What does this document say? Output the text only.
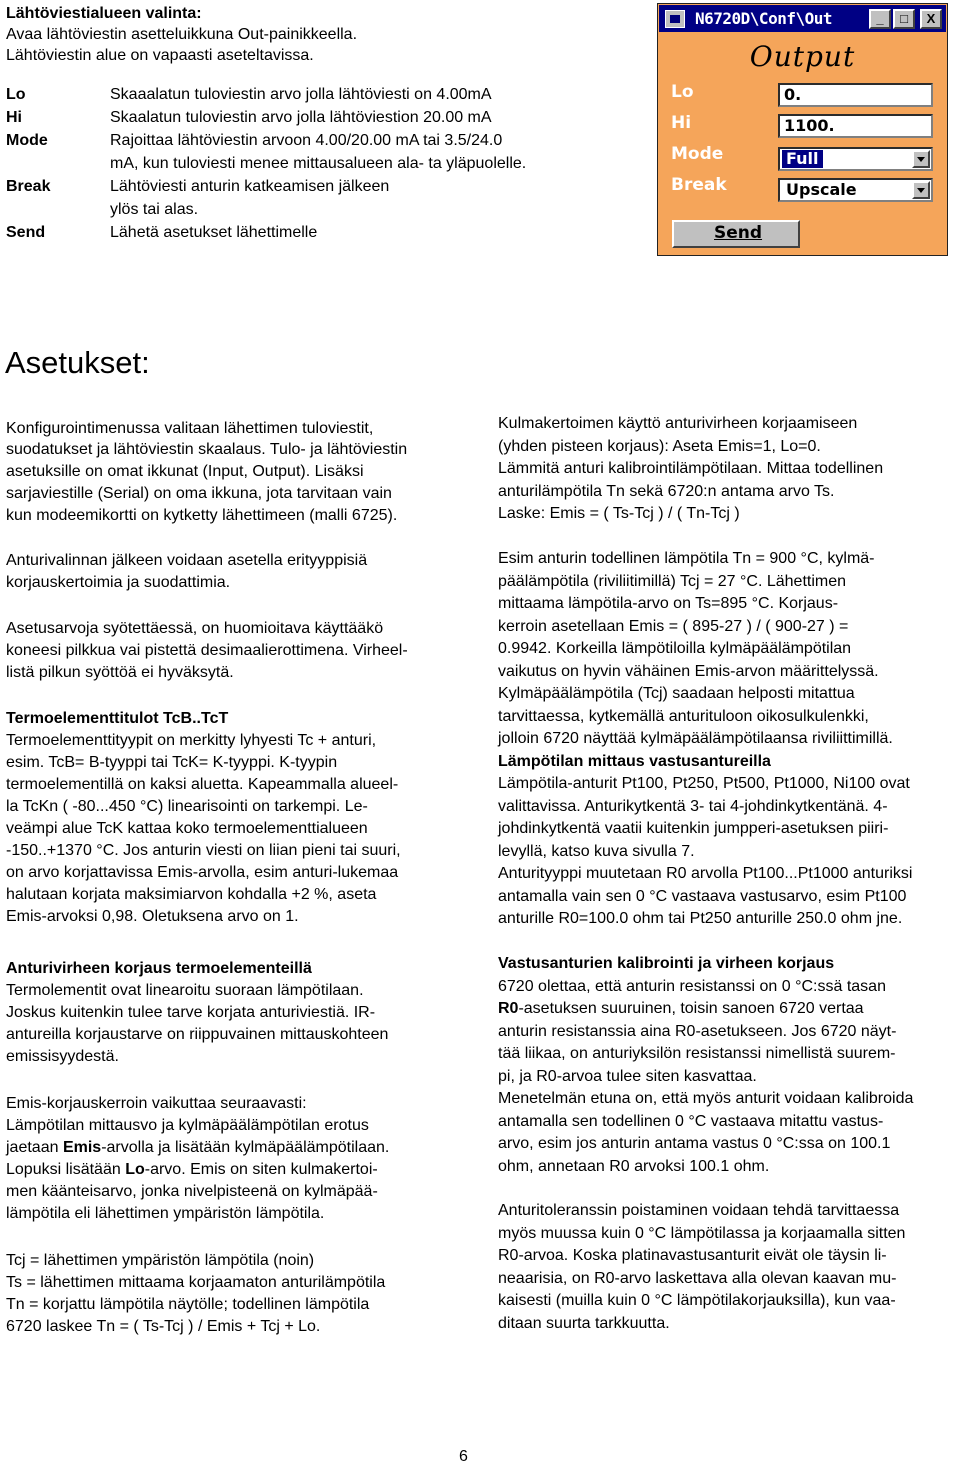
Lähtöviestialueen valinta:
Avaa lähtöviestin asetteluikkuna Out-painikkeella.
Lähtöviestin alue on vapaasti aseteltavissa.
Lo	Skaaalatun tuloviestin arvo jolla lähtöviesti on 4.00mA
Hi	Skaalatun tuloviestin arvo jolla lähtöviestion 20.00 mA
Mode	Rajoittaa lähtöviestin arvoon 4.00/20.00 mA tai 3.5/24.0
mA, kun tuloviesti menee mittausalueen ala- ta yläpuolelle.
Break	Lähtöviesti anturin katkeamisen jälkeen
ylös tai alas.
Send	Lähetä asetukset lähettimelle
N6720D\Conf\Out	_	□	X
Output
Lo	0.
Hi	1100.
Mode	Full
Break	Upscale
Send
Asetukset:
Konfigurointimenussa valitaan lähettimen tuloviestit,
suodatukset ja lähtöviestin skaalaus. Tulo- ja lähtöviestin
asetuksille on omat ikkunat (Input, Output). Lisäksi
sarjaviestille (Serial) on oma ikkuna, jota tarvitaan vain
kun modeemikortti on kytketty lähettimeen (malli 6725).
Anturivalinnan jälkeen voidaan asetella erityyppisiä
korjauskertoimia ja suodattimia.
Asetusarvoja syötettäessä, on huomioitava käyttääkö
koneesi pilkkua vai pistettä desimaalierottimena. Virheel-
listä pilkun syöttöä ei hyväksytä.
Termoelementtitulot TcB..TcT
Termoelementtityypit on merkitty lyhyesti Tc + anturi,
esim. TcB= B-tyyppi tai TcK= K-tyyppi. K-tyypin
termoelementillä on kaksi aluetta. Kapeammalla alueel-
la TcKn ( -80...450 °C) linearisointi on tarkempi. Le-
veämpi alue TcK kattaa koko termoelementtialueen
-150..+1370 °C. Jos anturin viesti on liian pieni tai suuri,
on arvo korjattavissa Emis-arvolla, esim anturi-lukemaa
halutaan korjata maksimiarvon kohdalla +2 %, aseta
Emis-arvoksi 0,98. Oletuksena arvo on 1.
Anturivirheen korjaus termoelementeillä
Termolementit ovat linearoitu suoraan lämpötilaan.
Joskus kuitenkin tulee tarve korjata anturiviestiä. IR-
antureilla korjaustarve on riippuvainen mittauskohteen
emissisyydestä.
Emis-korjauskerroin vaikuttaa seuraavasti:
Lämpötilan mittausvo ja kylmäpäälämpötilan erotus
jaetaan Emis-arvolla ja lisätään kylmäpäälämpötilaan.
Lopuksi lisätään Lo-arvo. Emis on siten kulmakertoi-
men käänteisarvo, jonka nivelpisteenä on kylmäpää-
lämpötila eli lähettimen ympäristön lämpötila.
Tcj = lähettimen ympäristön lämpötila (noin)
Ts = lähettimen mittaama korjaamaton anturilämpötila
Tn = korjattu lämpötila näytölle; todellinen lämpötila
6720 laskee Tn = ( Ts-Tcj ) / Emis + Tcj + Lo.
Kulmakertoimen käyttö anturivirheen korjaamiseen
(yhden pisteen korjaus): Aseta Emis=1, Lo=0.
Lämmitä anturi kalibrointilämpötilaan. Mittaa todellinen
anturilämpötila Tn sekä 6720:n antama arvo Ts.
Laske: Emis = ( Ts-Tcj ) / ( Tn-Tcj )
Esim anturin todellinen lämpötila Tn = 900 °C, kylmä-
päälämpötila (riviliitimillä) Tcj = 27 °C. Lähettimen
mittaama lämpötila-arvo on Ts=895 °C. Korjaus-
kerroin asetellaan Emis = ( 895-27 ) / ( 900-27 ) =
0.9942. Korkeilla lämpötiloilla kylmäpäälämpötilan
vaikutus on hyvin vähäinen Emis-arvon määrittelyssä.
Kylmäpäälämpötila (Tcj) saadaan helposti mitattua
tarvittaessa, kytkemällä anturituloon oikosulkulenkki,
jolloin 6720 näyttää kylmäpäälämpötilaansa riviliittimillä.
Lämpötilan mittaus vastusantureilla
Lämpötila-anturit Pt100, Pt250, Pt500, Pt1000, Ni100 ovat
valittavissa. Anturikytkentä 3- tai 4-johdinkytkentänä. 4-
johdinkytkentä vaatii kuitenkin jumpperi-asetuksen piiri-
levyllä, katso kuva sivulla 7.
Anturityyppi muutetaan R0 arvolla Pt100...Pt1000 anturiksi
antamalla vain sen 0 °C vastaava vastusarvo, esim Pt100
anturille R0=100.0 ohm tai Pt250 anturille 250.0 ohm jne.
Vastusanturien kalibrointi ja virheen korjaus
6720 olettaa, että anturin resistanssi on 0 °C:ssä tasan
R0-asetuksen suuruinen, toisin sanoen 6720 vertaa
anturin resistanssia aina R0-asetukseen. Jos 6720 näyt-
tää liikaa, on anturiyksilön resistanssi nimellistä suurem-
pi, ja R0-arvoa tulee siten kasvattaa.
Menetelmän etuna on, että myös anturit voidaan kalibroida
antamalla sen todellinen 0 °C vastaava mitattu vastus-
arvo, esim jos anturin antama vastus 0 °C:ssa on 100.1
ohm, annetaan R0 arvoksi 100.1 ohm.
Anturitoleranssin poistaminen voidaan tehdä tarvittaessa
myös muussa kuin 0 °C lämpötilassa ja korjaamalla sitten
R0-arvoa. Koska platinavastusanturit eivät ole täysin li-
neaarisia, on R0-arvo laskettava alla olevan kaavan mu-
kaisesti (muilla kuin 0 °C lämpötilakorjauksilla), kun vaa-
ditaan suurta tarkkuutta.
6
